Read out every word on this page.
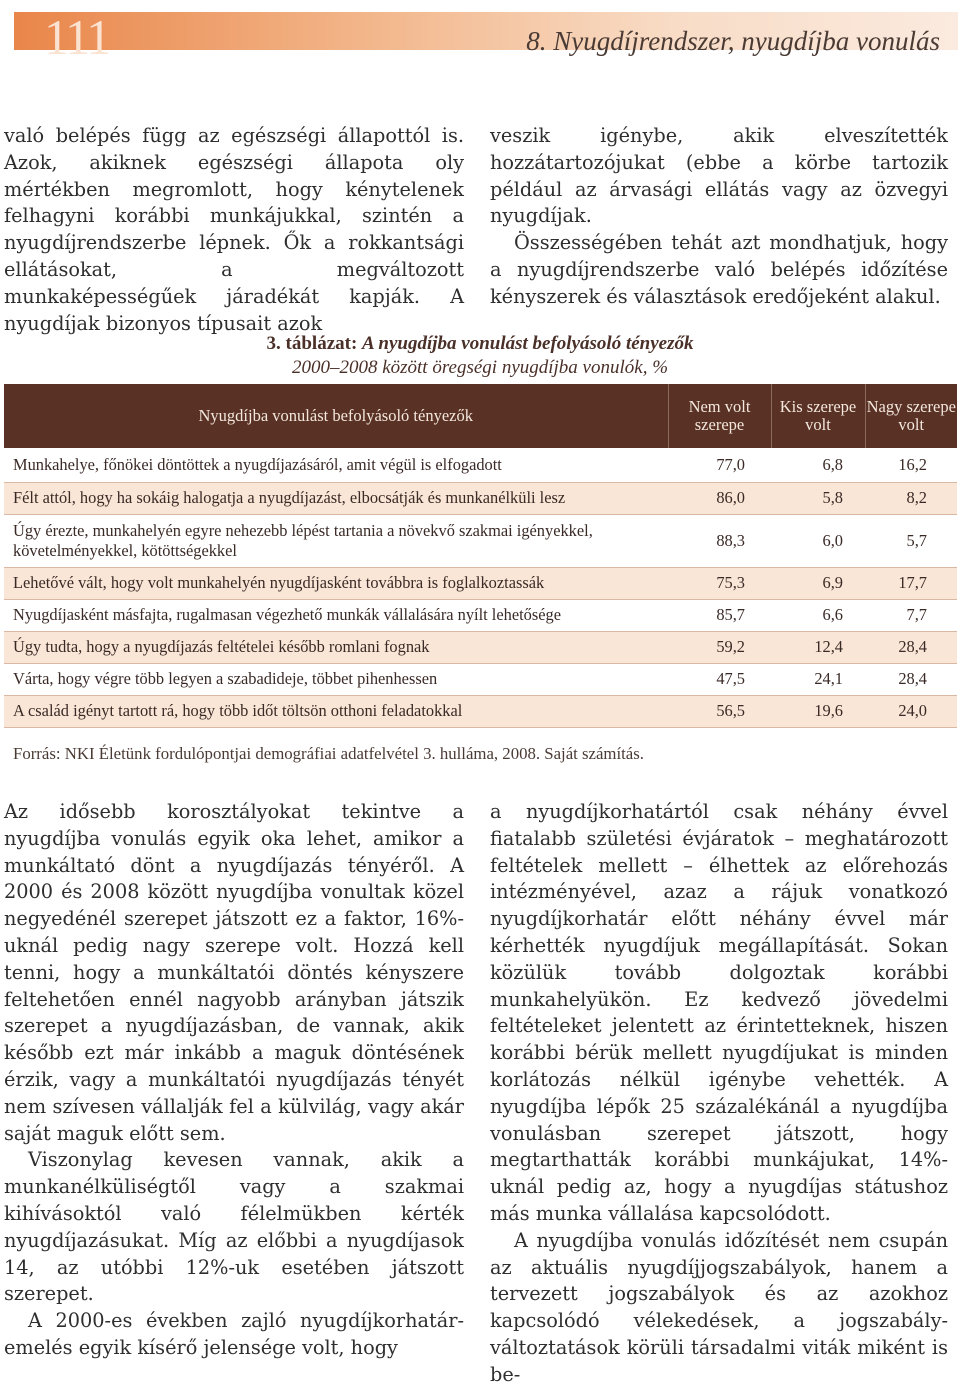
111	8. Nyugdíjrendszer, nyugdíjba vonulás

való belépés függ az egészségi állapottól is. Azok, akiknek egészségi állapota oly mértékben megromlott, hogy kénytelenek felhagyni korábbi munkájukkal, szintén a nyugdíjrendszerbe lépnek. Ők a rokkantsági ellátásokat, a megváltozott munkaképességűek járadékát kapják. A nyugdíjak bizonyos típusait azok

veszik igénybe, akik elveszítették hozzátartozójukat (ebbe a körbe tartozik például az árvasági ellátás vagy az özvegyi nyugdíjak.

Összességében tehát azt mondhatjuk, hogy a nyugdíjrendszerbe való belépés időzítése kényszerek és választások eredőjeként alakul.

3. táblázat: A nyugdíjba vonulást befolyásoló tényezők
2000–2008 között öregségi nyugdíjba vonulók, %
Nyugdíjba vonulást befolyásoló tényezők	Nem volt szerepe	Kis szerepe volt	Nagy szerepe volt
Munkahelye, főnökei döntöttek a nyugdíjazásáról, amit végül is elfogadott	77,0	6,8	16,2
Félt attól, hogy ha sokáig halogatja a nyugdíjazást, elbocsátják és munkanélküli lesz	86,0	5,8	8,2
Úgy érezte, munkahelyén egyre nehezebb lépést tartania a növekvő szakmai igényekkel, követelményekkel, kötöttségekkel	88,3	6,0	5,7
Lehetővé vált, hogy volt munkahelyén nyugdíjasként továbbra is foglalkoztassák	75,3	6,9	17,7
Nyugdíjasként másfajta, rugalmasan végezhető munkák vállalására nyílt lehetősége	85,7	6,6	7,7
Úgy tudta, hogy a nyugdíjazás feltételei később romlani fognak	59,2	12,4	28,4
Várta, hogy végre több legyen a szabadideje, többet pihenhessen	47,5	24,1	28,4
A család igényt tartott rá, hogy több időt töltsön otthoni feladatokkal	56,5	19,6	24,0
Forrás: NKI Életünk fordulópontjai demográfiai adatfelvétel 3. hulláma, 2008. Saját számítás.

Az idősebb korosztályokat tekintve a nyugdíjba vonulás egyik oka lehet, amikor a munkáltató dönt a nyugdíjazás tényéről. A 2000 és 2008 között nyugdíjba vonultak közel negyedénél szerepet játszott ez a faktor, 16%-uknál pedig nagy szerepe volt. Hozzá kell tenni, hogy a munkáltatói döntés kényszere feltehetően ennél nagyobb arányban játszik szerepet a nyugdíjazásban, de vannak, akik később ezt már inkább a maguk döntésének érzik, vagy a munkáltatói nyugdíjazás tényét nem szívesen vállalják fel a külvilág, vagy akár saját maguk előtt sem.

Viszonylag kevesen vannak, akik a munkanélküliségtől vagy a szakmai kihívásoktól való félelmükben kérték nyugdíjazásukat. Míg az előbbi a nyugdíjasok 14, az utóbbi 12%-uk esetében játszott szerepet.

A 2000-es években zajló nyugdíjkorhatár-emelés egyik kísérő jelensége volt, hogy

a nyugdíjkorhatártól csak néhány évvel fiatalabb születési évjáratok – meghatározott feltételek mellett – élhettek az előrehozás intézményével, azaz a rájuk vonatkozó nyugdíjkorhatár előtt néhány évvel már kérhették nyugdíjuk megállapítását. Sokan közülük tovább dolgoztak korábbi munkahelyükön. Ez kedvező jövedelmi feltételeket jelentett az érintetteknek, hiszen korábbi bérük mellett nyugdíjukat is minden korlátozás nélkül igénybe vehették. A nyugdíjba lépők 25 százalékánál a nyugdíjba vonulásban szerepet játszott, hogy megtarthatták korábbi munkájukat, 14%-uknál pedig az, hogy a nyugdíjas státushoz más munka vállalása kapcsolódott.

A nyugdíjba vonulás időzítését nem csupán az aktuális nyugdíjjogszabályok, hanem a tervezett jogszabályok és az azokhoz kapcsolódó vélekedések, a jogszabály-változtatások körüli társadalmi viták miként is be-
